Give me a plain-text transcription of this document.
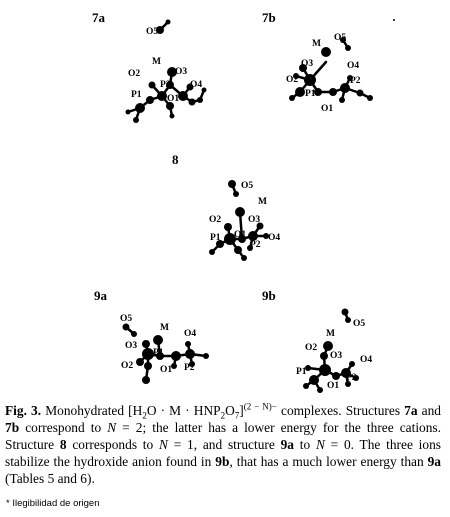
7a
O5
M
O2	O3
P2 O4
P1	O1
7b
M
O5
O3
O2
O4
P2
P1
O1
8
O5
M
O2	O3
P1 O1
P2
O4
9a
O5
M
O4
O3
P1
O2	O1 P2
9b
O5
M
O2
O3 O4
P1
O1
P2
Fig. 3. Monohydrated $[H_2O \cdot M \cdot HNP_2O_7]^{(2 - N)-}$ complexes. Structures 7a and 7b correspond to N = 2; the latter has a lower energy for the three cations. Structure 8 corresponds to N = 1, and structure 9a to N = 0. The three ions stabilize the hydroxide anion found in 9b, that has a much lower energy than 9a (Tables 5 and 6).
* Ilegibilidad de origen
